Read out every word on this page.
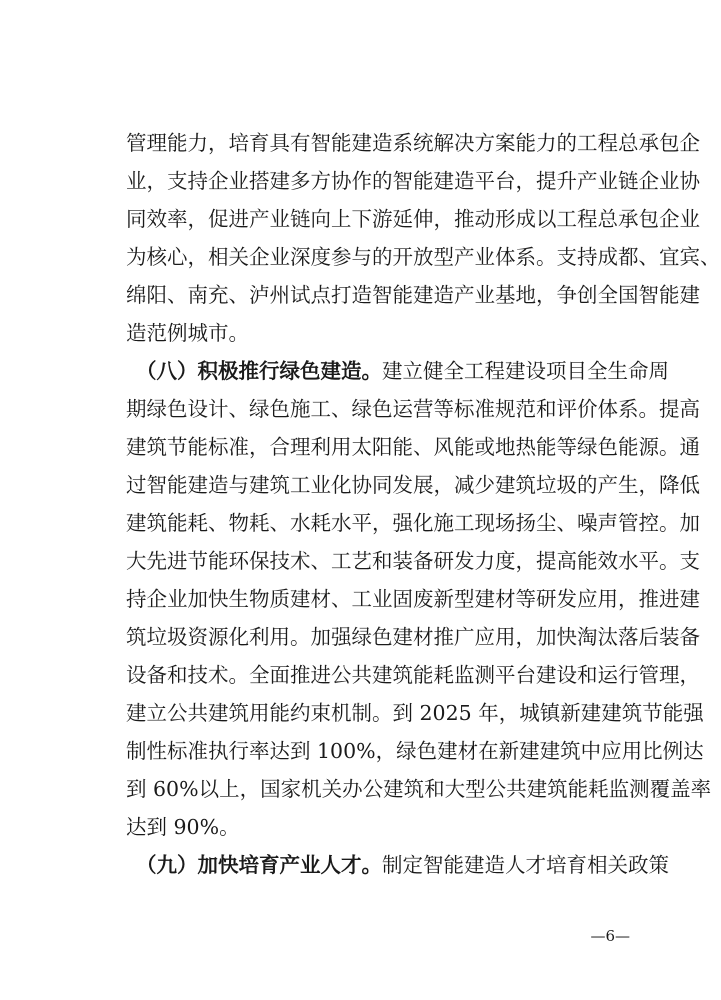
管理能力，培育具有智能建造系统解决方案能力的工程总承包企
业，支持企业搭建多方协作的智能建造平台，提升产业链企业协
同效率，促进产业链向上下游延伸，推动形成以工程总承包企业
为核心，相关企业深度参与的开放型产业体系。支持成都、宜宾、
绵阳、南充、泸州试点打造智能建造产业基地，争创全国智能建
造范例城市。
（八）积极推行绿色建造。建立健全工程建设项目全生命周
期绿色设计、绿色施工、绿色运营等标准规范和评价体系。提高
建筑节能标准，合理利用太阳能、风能或地热能等绿色能源。通
过智能建造与建筑工业化协同发展，减少建筑垃圾的产生，降低
建筑能耗、物耗、水耗水平，强化施工现场扬尘、噪声管控。加
大先进节能环保技术、工艺和装备研发力度，提高能效水平。支
持企业加快生物质建材、工业固废新型建材等研发应用，推进建
筑垃圾资源化利用。加强绿色建材推广应用，加快淘汰落后装备
设备和技术。全面推进公共建筑能耗监测平台建设和运行管理，
建立公共建筑用能约束机制。到 2025 年，城镇新建建筑节能强
制性标准执行率达到 100%，绿色建材在新建建筑中应用比例达
到 60%以上，国家机关办公建筑和大型公共建筑能耗监测覆盖率
达到 90%。
（九）加快培育产业人才。制定智能建造人才培育相关政策
—6—
